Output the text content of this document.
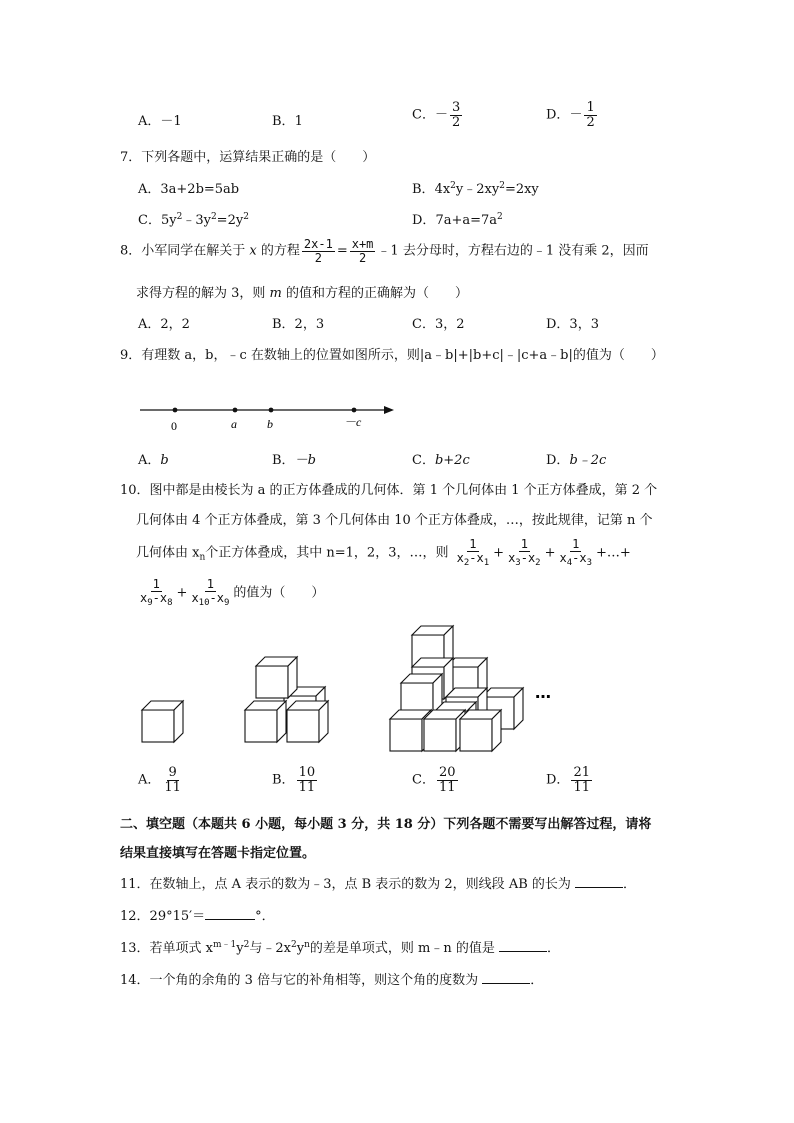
A．－1	B．1	C．－ $\frac{3}{2}$	D．－ $\frac{1}{2}$
7．下列各题中，运算结果正确的是（　　）
A．3a+2b=5ab	B．$4x^2y﹣2xy^2=2xy$
C．$5y^2﹣3y^2=2y^2$	D．$7a+a=7a^2$
8．小军同学在解关于 x 的方程 $\frac{2x-1}{2} = \frac{x+m}{2}$ ﹣1 去分母时，方程右边的﹣1 没有乘 2，因而
求得方程的解为 3，则 m 的值和方程的正确解为（　　）
A．2，2	B．2，3	C．3，2	D．3，3
9．有理数 a，b，﹣c 在数轴上的位置如图所示，则|a﹣b|+|b+c|﹣|c+a﹣b|的值为（　　）
0	a	b	－c
A．b	B．－b	C．b+2c	D．b﹣2c
10．图中都是由棱长为 a 的正方体叠成的几何体．第 1 个几何体由 1 个正方体叠成，第 2 个
几何体由 4 个正方体叠成，第 3 个几何体由 10 个正方体叠成，…，按此规律，记第 n 个
几何体由 $x_n$个正方体叠成，其中 n=1，2，3，…，则 $\frac{1}{x_2-x_1} + \frac{1}{x_3-x_2} + \frac{1}{x_4-x_3}$ +…+
$\frac{1}{x_9-x_8} + \frac{1}{x_{10}-x_9}$ 的值为（　　）
…
A． $\frac{9}{11}$	B． $\frac{10}{11}$	C． $\frac{20}{11}$	D． $\frac{21}{11}$
二、填空题（本题共 6 小题，每小题 3 分，共 18 分）下列各题不需要写出解答过程，请将
结果直接填写在答题卡指定位置。
11．在数轴上，点 A 表示的数为﹣3，点 B 表示的数为 2，则线段 AB 的长为	．
12．29°15′＝	°．
13．若单项式 $x^{m﹣1}y^2$与$﹣2x^2y^n$的差是单项式，则 m﹣n 的值是	．
14．一个角的余角的 3 倍与它的补角相等，则这个角的度数为	．
